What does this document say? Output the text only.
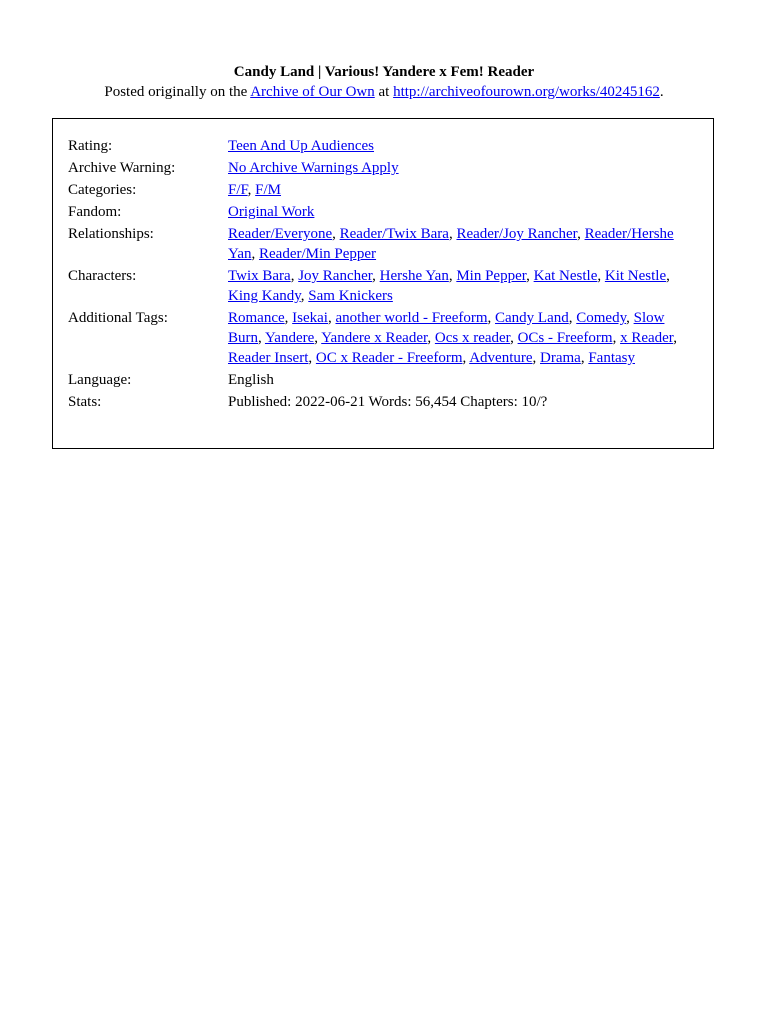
Candy Land | Various! Yandere x Fem! Reader
Posted originally on the Archive of Our Own at http://archiveofourown.org/works/40245162.
Rating:	Teen And Up Audiences
Archive Warning:	No Archive Warnings Apply
Categories:	F/F, F/M
Fandom:	Original Work
Relationships:	Reader/Everyone, Reader/Twix Bara, Reader/Joy Rancher, Reader/Hershe Yan, Reader/Min Pepper
Characters:	Twix Bara, Joy Rancher, Hershe Yan, Min Pepper, Kat Nestle, Kit Nestle, King Kandy, Sam Knickers
Additional Tags:	Romance, Isekai, another world - Freeform, Candy Land, Comedy, Slow Burn, Yandere, Yandere x Reader, Ocs x reader, OCs - Freeform, x Reader, Reader Insert, OC x Reader - Freeform, Adventure, Drama, Fantasy
Language:	English
Stats:	Published: 2022-06-21 Words: 56,454 Chapters: 10/?
